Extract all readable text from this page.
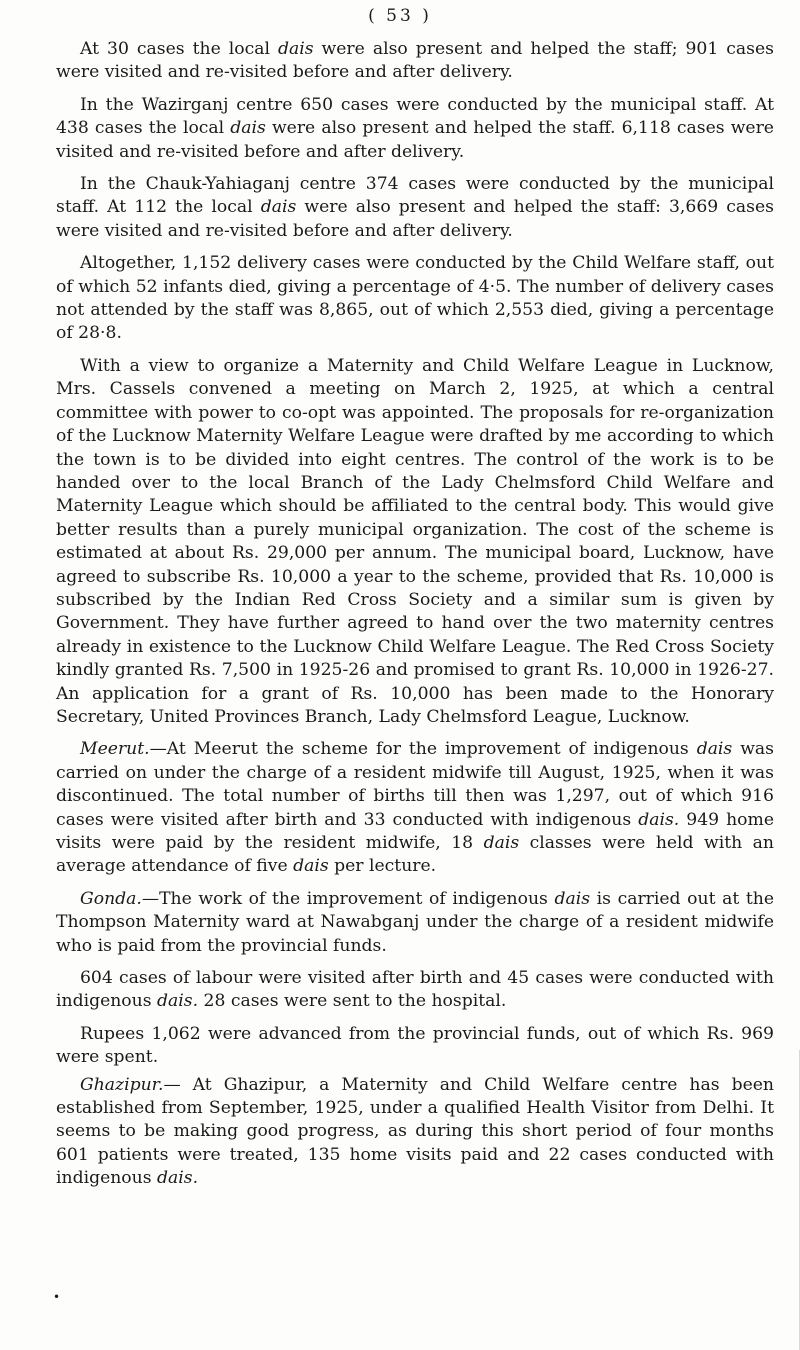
( 53 )

At 30 cases the local dais were also present and helped the staff; 901 cases were visited and re-visited before and after delivery.

In the Wazirganj centre 650 cases were conducted by the municipal staff. At 438 cases the local dais were also present and helped the staff. 6,118 cases were visited and re-visited before and after delivery.

In the Chauk-Yahiaganj centre 374 cases were conducted by the municipal staff. At 112 the local dais were also present and helped the staff: 3,669 cases were visited and re-visited before and after delivery.

Altogether, 1,152 delivery cases were conducted by the Child Welfare staff, out of which 52 infants died, giving a percentage of 4·5. The number of delivery cases not attended by the staff was 8,865, out of which 2,553 died, giving a percentage of 28·8.

With a view to organize a Maternity and Child Welfare League in Lucknow, Mrs. Cassels convened a meeting on March 2, 1925, at which a central committee with power to co-opt was appointed. The proposals for re-organization of the Lucknow Maternity Welfare League were drafted by me according to which the town is to be divided into eight centres. The control of the work is to be handed over to the local Branch of the Lady Chelmsford Child Welfare and Maternity League which should be affiliated to the central body. This would give better results than a purely municipal organization. The cost of the scheme is estimated at about Rs. 29,000 per annum. The municipal board, Lucknow, have agreed to subscribe Rs. 10,000 a year to the scheme, provided that Rs. 10,000 is subscribed by the Indian Red Cross Society and a similar sum is given by Government. They have further agreed to hand over the two maternity centres already in existence to the Lucknow Child Welfare League. The Red Cross Society kindly granted Rs. 7,500 in 1925-26 and promised to grant Rs. 10,000 in 1926-27. An application for a grant of Rs. 10,000 has been made to the Honorary Secretary, United Provinces Branch, Lady Chelmsford League, Lucknow.

Meerut.—At Meerut the scheme for the improvement of indigenous dais was carried on under the charge of a resident midwife till August, 1925, when it was discontinued. The total number of births till then was 1,297, out of which 916 cases were visited after birth and 33 conducted with indigenous dais. 949 home visits were paid by the resident midwife, 18 dais classes were held with an average attendance of five dais per lecture.

Gonda.—The work of the improvement of indigenous dais is carried out at the Thompson Maternity ward at Nawabganj under the charge of a resident midwife who is paid from the provincial funds.

604 cases of labour were visited after birth and 45 cases were conducted with indigenous dais. 28 cases were sent to the hospital.

Rupees 1,062 were advanced from the provincial funds, out of which Rs. 969 were spent.

Ghazipur.— At Ghazipur, a Maternity and Child Welfare centre has been established from September, 1925, under a qualified Health Visitor from Delhi. It seems to be making good progress, as during this short period of four months 601 patients were treated, 135 home visits paid and 22 cases conducted with indigenous dais.

•
